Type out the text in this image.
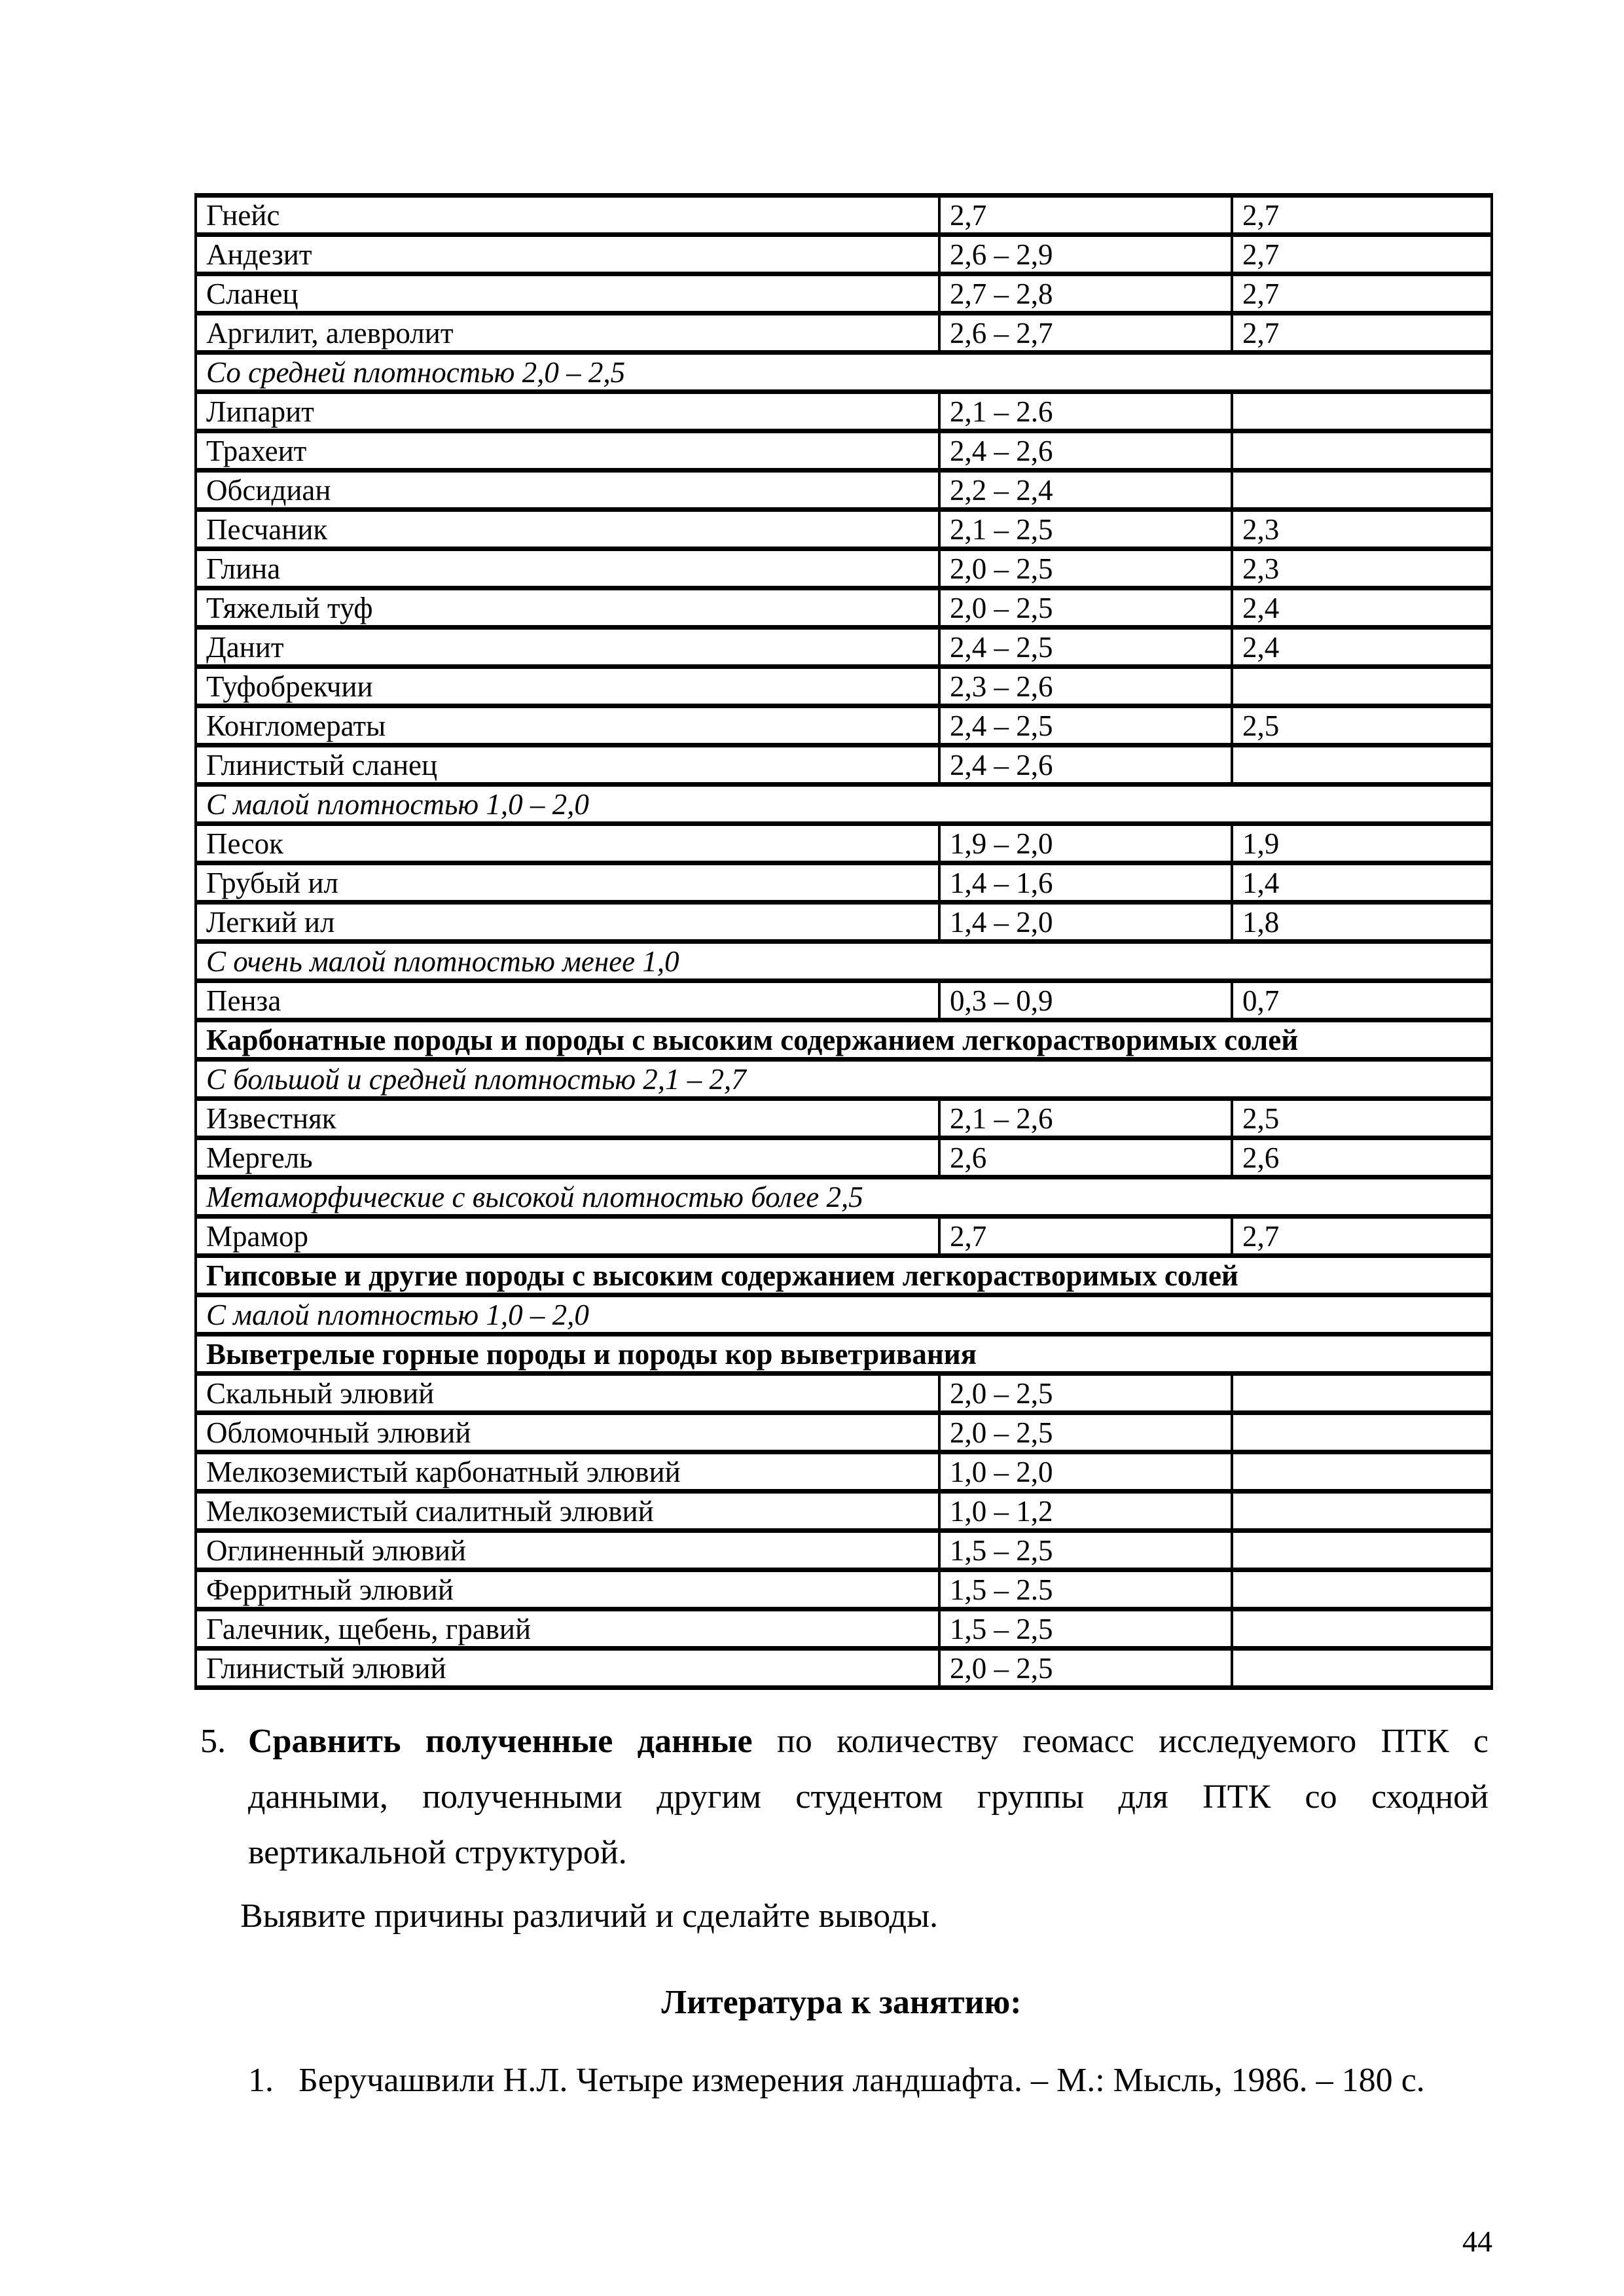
Гнейс	2,7	2,7
Андезит	2,6 – 2,9	2,7
Сланец	2,7 – 2,8	2,7
Аргилит, алевролит	2,6 – 2,7	2,7
Со средней плотностью 2,0 – 2,5		
Липарит	2,1 – 2.6	
Трахеит	2,4 – 2,6	
Обсидиан	2,2 – 2,4	
Песчаник	2,1 – 2,5	2,3
Глина	2,0 – 2,5	2,3
Тяжелый туф	2,0 – 2,5	2,4
Данит	2,4 – 2,5	2,4
Туфобрекчии	2,3 – 2,6	
Конгломераты	2,4 – 2,5	2,5
Глинистый сланец	2,4 – 2,6	
С малой плотностью 1,0 – 2,0		
Песок	1,9 – 2,0	1,9
Грубый ил	1,4 – 1,6	1,4
Легкий ил	1,4 – 2,0	1,8
С очень малой плотностью менее 1,0		
Пенза	0,3 – 0,9	0,7
Карбонатные породы и породы с высоким содержанием легкорастворимых солей		
С большой и средней плотностью 2,1 – 2,7		
Известняк	2,1 – 2,6	2,5
Мергель	2,6	2,6
Метаморфические с высокой плотностью более 2,5		
Мрамор	2,7	2,7
Гипсовые и другие породы с высоким содержанием легкорастворимых солей		
С малой плотностью 1,0 – 2,0		
Выветрелые горные породы и породы кор выветривания		
Скальный элювий	2,0 – 2,5	
Обломочный элювий	2,0 – 2,5	
Мелкоземистый карбонатный элювий	1,0 – 2,0	
Мелкоземистый сиалитный элювий	1,0 – 1,2	
Оглиненный элювий	1,5 – 2,5	
Ферритный элювий	1,5 – 2.5	
Галечник, щебень, гравий	1,5 – 2,5	
Глинистый элювий	2,0 – 2,5	
5. Сравнить полученные данные по количеству геомасс исследуемого ПТК с данными, полученными другим студентом группы для ПТК со сходной вертикальной структурой.
Выявите причины различий и сделайте выводы.
Литература к занятию:
1. Беручашвили Н.Л. Четыре измерения ландшафта. – М.: Мысль, 1986. – 180 с.
44
